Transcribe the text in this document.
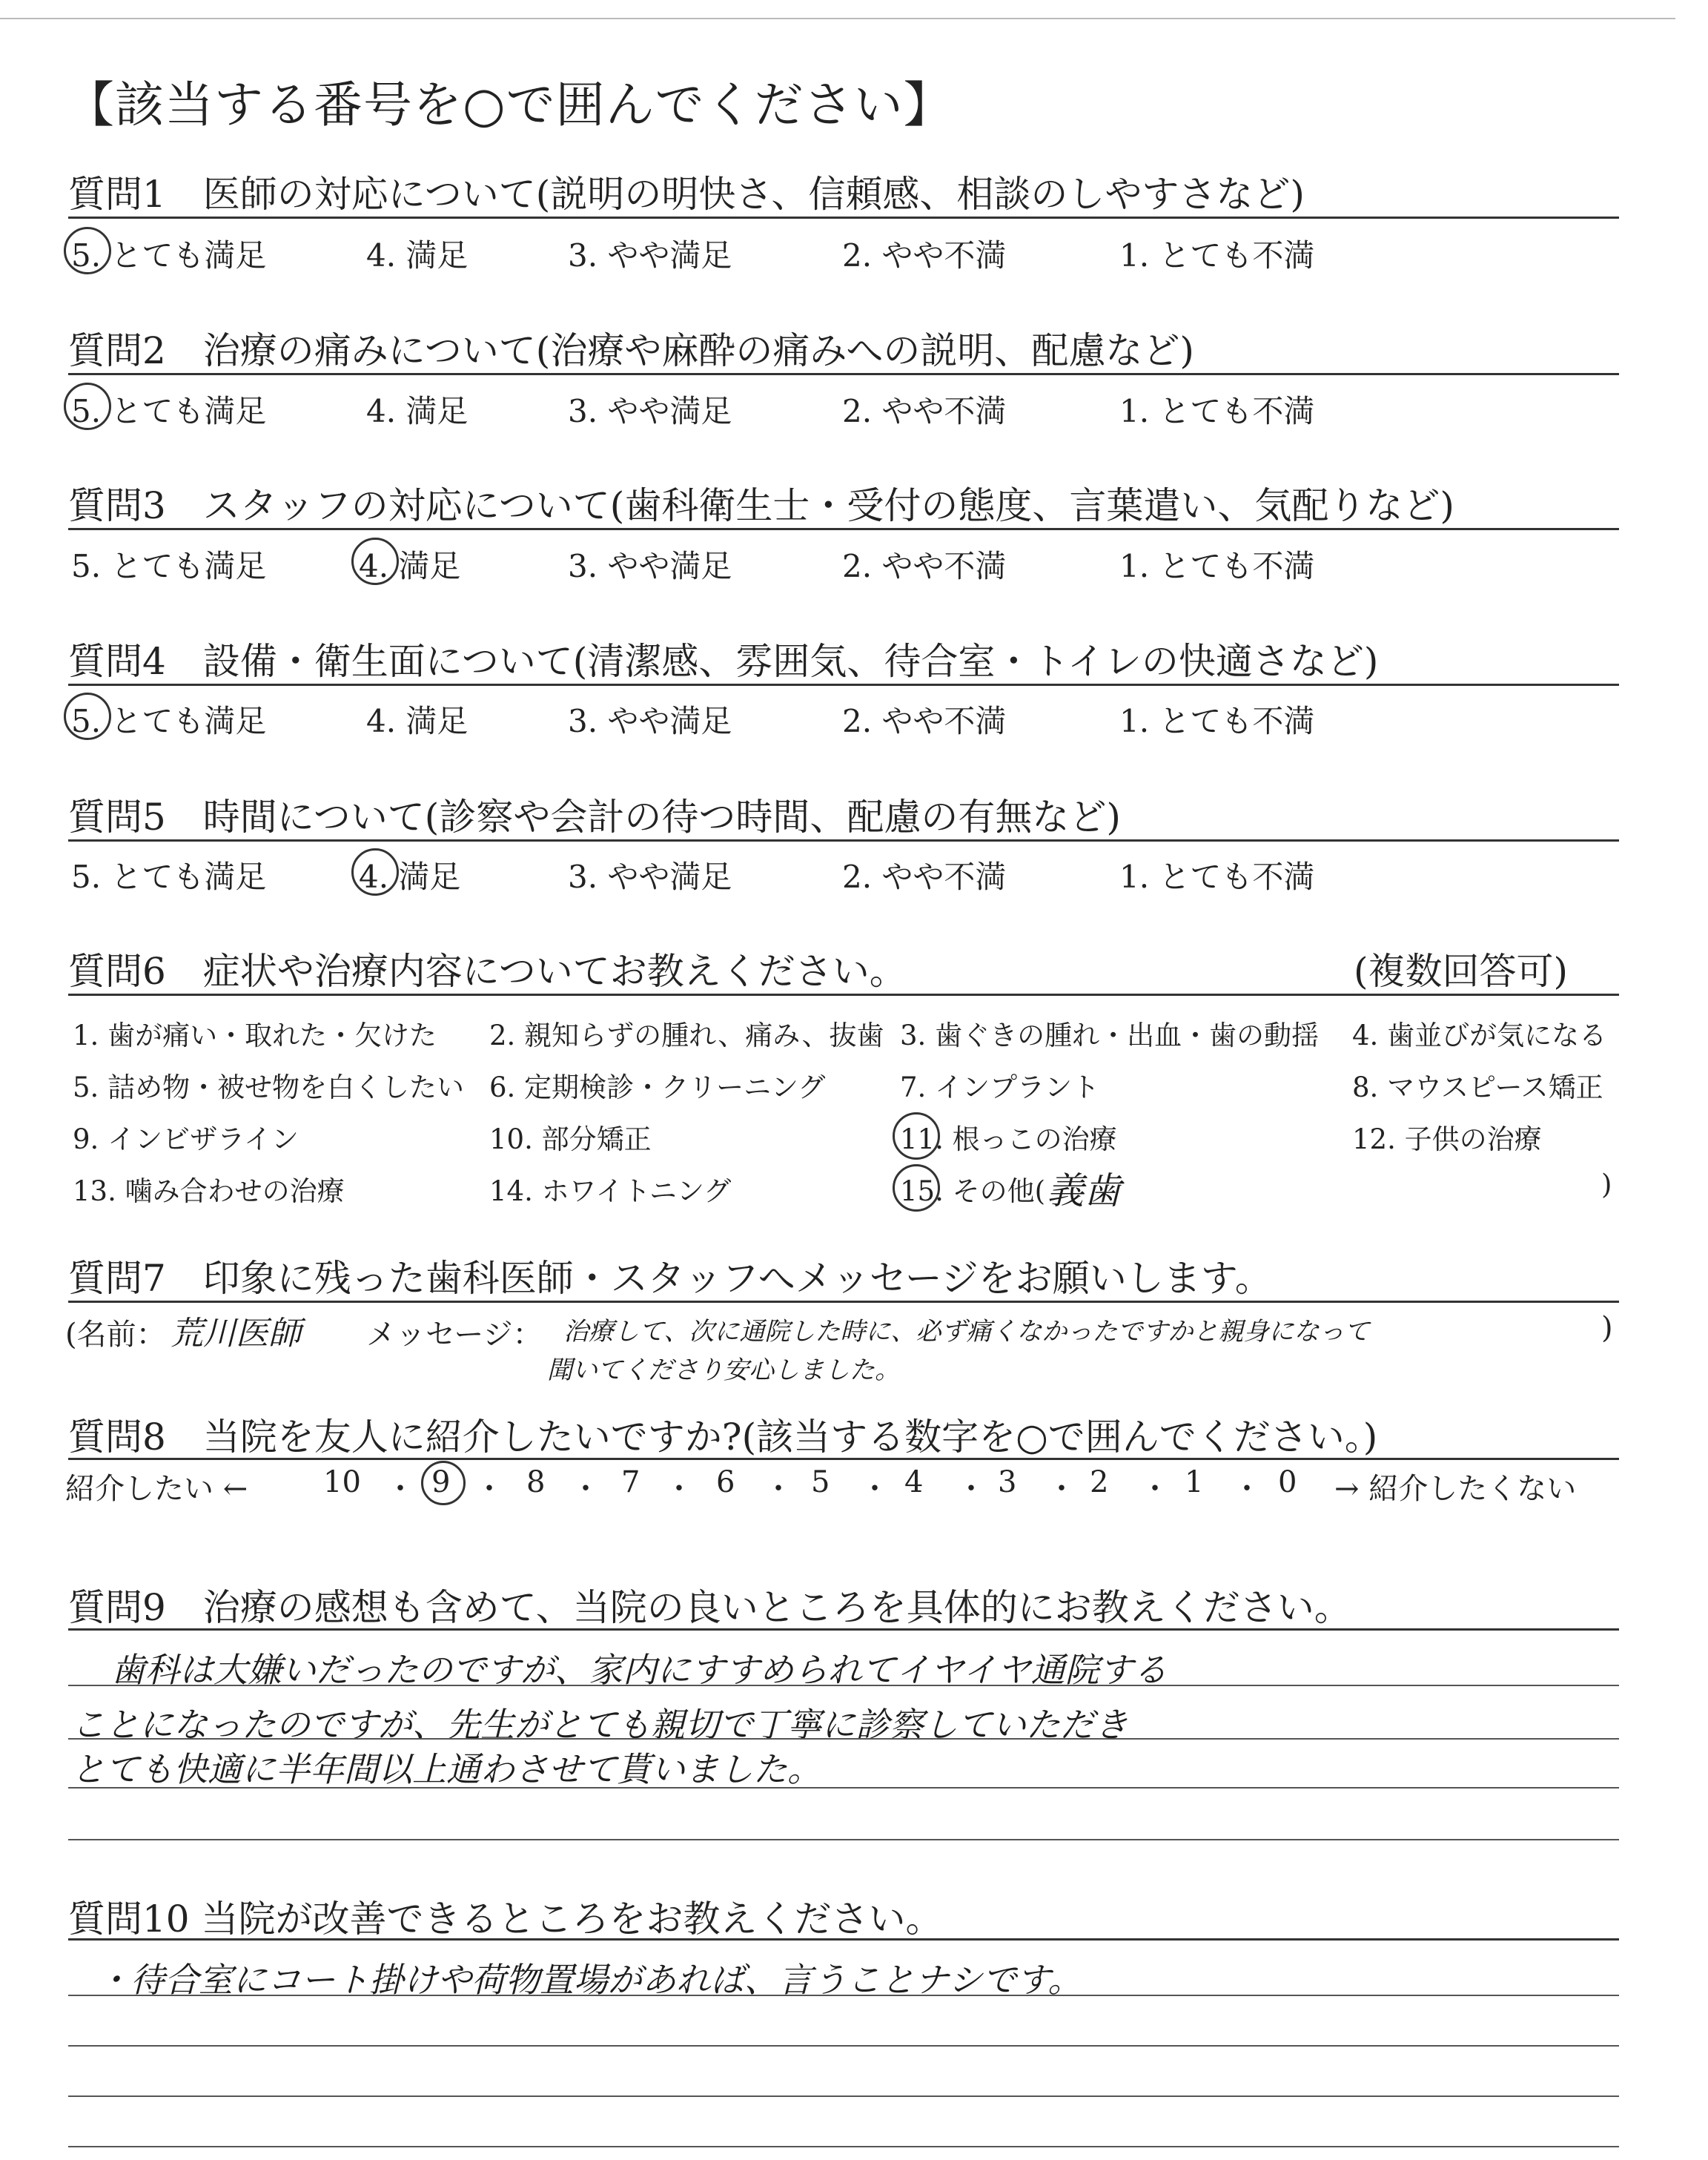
【該当する番号を○で囲んでください】
質問1　医師の対応について(説明の明快さ、信頼感、相談のしやすさなど)
5. とても満足	4. 満足	3. やや満足	2. やや不満	1. とても不満
質問2　治療の痛みについて(治療や麻酔の痛みへの説明、配慮など)
5. とても満足	4. 満足	3. やや満足	2. やや不満	1. とても不満
質問3　スタッフの対応について(歯科衛生士・受付の態度、言葉遣い、気配りなど)
5. とても満足	4. 満足	3. やや満足	2. やや不満	1. とても不満
質問4　設備・衛生面について(清潔感、雰囲気、待合室・トイレの快適さなど)
5. とても満足	4. 満足	3. やや満足	2. やや不満	1. とても不満
質問5　時間について(診察や会計の待つ時間、配慮の有無など)
5. とても満足	4. 満足	3. やや満足	2. やや不満	1. とても不満
質問6　症状や治療内容についてお教えください。	(複数回答可)
1. 歯が痛い・取れた・欠けた 2. 親知らずの腫れ、痛み、抜歯 3. 歯ぐきの腫れ・出血・歯の動揺 4. 歯並びが気になる
5. 詰め物・被せ物を白くしたい 6. 定期検診・クリーニング	7. インプラント	8. マウスピース矯正
9. インビザライン	10. 部分矯正	11. 根っこの治療	12. 子供の治療
13. 噛み合わせの治療	14. ホワイトニング	15. その他( 義歯	)
質問7　印象に残った歯科医師・スタッフへメッセージをお願いします。
(名前： 荒川医師 メッセージ： 治療して、次に通院した時に、必ず痛くなかったですかと親身になって
聞いてくださり安心しました。
)
質問8　当院を友人に紹介したいですか?(該当する数字を○で囲んでください。)
紹介したい ←	10 ・ 9 ・ 8 ・ 7 ・ 6 ・ 5 ・ 4 ・ 3 ・ 2 ・ 1 ・ 0 → 紹介したくない
質問9　治療の感想も含めて、当院の良いところを具体的にお教えください。
歯科は大嫌いだったのですが、家内にすすめられてイヤイヤ通院する
ことになったのですが、先生がとても親切で丁寧に診察していただき
とても快適に半年間以上通わさせて貰いました。
質問10 当院が改善できるところをお教えください。
・待合室にコート掛けや荷物置場があれば、言うことナシです。
